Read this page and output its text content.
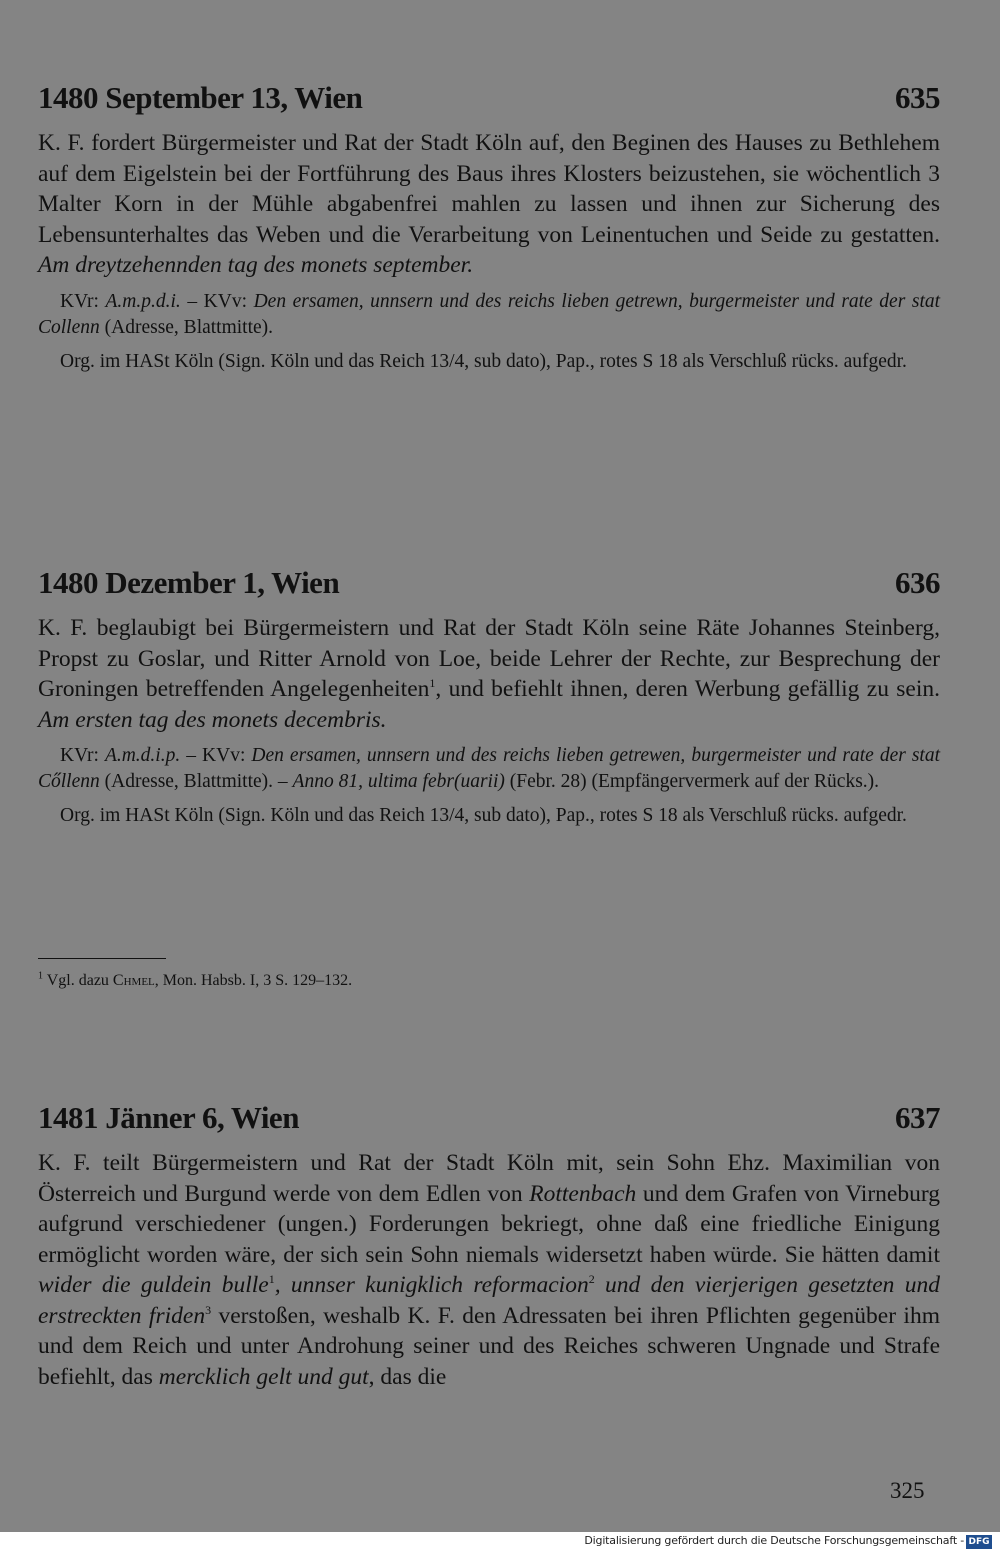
1480 September 13, Wien	635

K. F. fordert Bürgermeister und Rat der Stadt Köln auf, den Beginen des Hauses zu Bethlehem auf dem Eigelstein bei der Fortführung des Baus ihres Klosters beizustehen, sie wöchentlich 3 Malter Korn in der Mühle abgabenfrei mahlen zu lassen und ihnen zur Sicherung des Lebensunterhaltes das Weben und die Verarbeitung von Leinentuchen und Seide zu gestatten. Am dreytzehennden tag des monets september.

KVr: A.m.p.d.i. – KVv: Den ersamen, unnsern und des reichs lieben getrewn, burgermeister und rate der stat Collenn (Adresse, Blattmitte).

Org. im HASt Köln (Sign. Köln und das Reich 13/4, sub dato), Pap., rotes S 18 als Verschluß rücks. aufgedr.

1480 Dezember 1, Wien	636

K. F. beglaubigt bei Bürgermeistern und Rat der Stadt Köln seine Räte Johannes Steinberg, Propst zu Goslar, und Ritter Arnold von Loe, beide Lehrer der Rechte, zur Besprechung der Groningen betreffenden Angelegenheiten$^1$, und befiehlt ihnen, deren Werbung gefällig zu sein. Am ersten tag des monets decembris.

KVr: A.m.d.i.p. – KVv: Den ersamen, unnsern und des reichs lieben getrewen, burgermeister und rate der stat Cőllenn (Adresse, Blattmitte). – Anno 81, ultima febr(uarii) (Febr. 28) (Empfängervermerk auf der Rücks.).

Org. im HASt Köln (Sign. Köln und das Reich 13/4, sub dato), Pap., rotes S 18 als Verschluß rücks. aufgedr.

$^1$ Vgl. dazu Chmel, Mon. Habsb. I, 3 S. 129–132.
1481 Jänner 6, Wien	637

K. F. teilt Bürgermeistern und Rat der Stadt Köln mit, sein Sohn Ehz. Maximilian von Österreich und Burgund werde von dem Edlen von Rottenbach und dem Grafen von Virneburg aufgrund verschiedener (ungen.) Forderungen bekriegt, ohne daß eine friedliche Einigung ermöglicht worden wäre, der sich sein Sohn niemals widersetzt haben würde. Sie hätten damit wider die guldein bulle$^1$, unnser kunigklich reformacion$^2$ und den vierjerigen gesetzten und erstreckten friden$^3$ verstoßen, weshalb K. F. den Adressaten bei ihren Pflichten gegenüber ihm und dem Reich und unter Androhung seiner und des Reiches schweren Ungnade und Strafe befiehlt, das mercklich gelt und gut, das die

325
Digitalisierung gefördert durch die Deutsche Forschungsgemeinschaft - DFG
